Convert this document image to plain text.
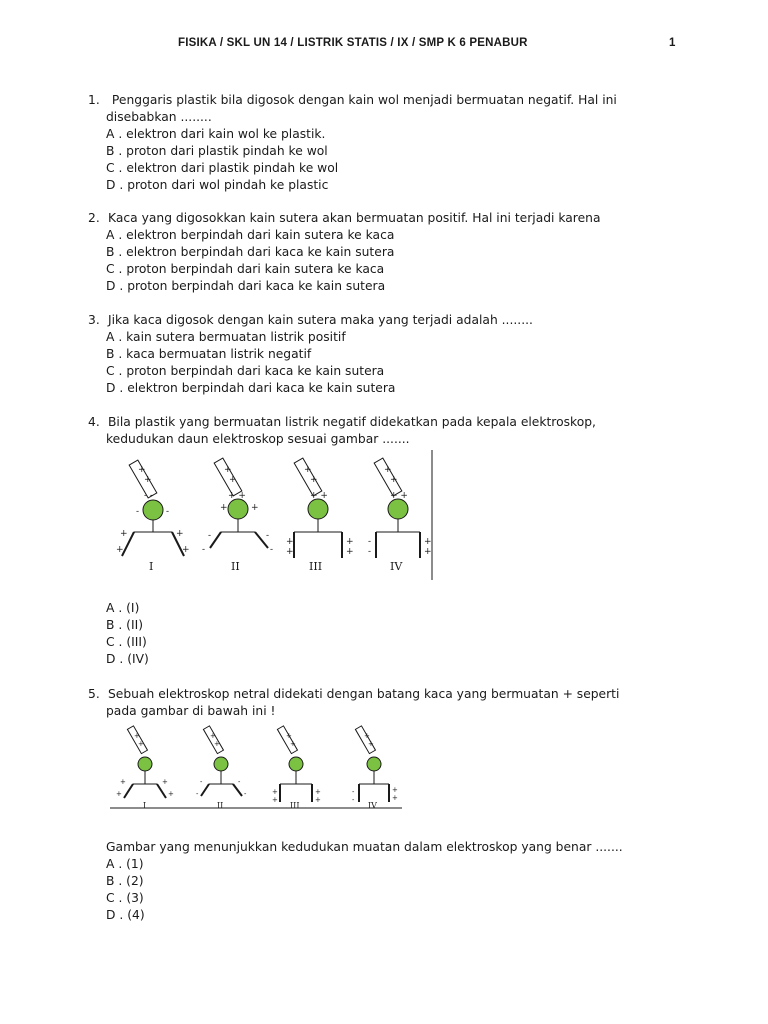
FISIKA / SKL UN 14 / LISTRIK STATIS / IX / SMP K 6 PENABUR	1
1. Penggaris plastik bila digosok dengan kain wol menjadi bermuatan negatif. Hal ini
disebabkan ........
A . elektron dari kain wol ke plastik.
B . proton dari plastik pindah ke wol
C . elektron dari plastik pindah ke wol
D . proton dari wol pindah ke plastic
2. Kaca yang digosokkan kain sutera akan bermuatan positif. Hal ini terjadi karena
A . elektron berpindah dari kain sutera ke kaca
B . elektron berpindah dari kaca ke kain sutera
C . proton berpindah dari kain sutera ke kaca
D . proton berpindah dari kaca ke kain sutera
3. Jika kaca digosok dengan kain sutera maka yang terjadi adalah ........
A . kain sutera bermuatan listrik positif
B . kaca bermuatan listrik negatif
C . proton berpindah dari kaca ke kain sutera
D . elektron berpindah dari kaca ke kain sutera
4. Bila plastik yang bermuatan listrik negatif didekatkan pada kepala elektroskop,
kedudukan daun elektroskop sesuai gambar .......
+
+
+
+
+
+
+
+
- -
-	-
+ +
+	+
+ +	+ +
+	+
+	+
-	-
-	-
+
+
+
+
-
-
+
+
I	II	III	IV
A . (I)
B . (II)
C . (III)
D . (IV)
5. Sebuah elektroskop netral didekati dengan batang kaca yang bermuatan + seperti
pada gambar di bawah ini !
+
+
+
+
+
+
+
+
+	+
+	+
-	-
-	-	+
+
+
+
-
-
+
+
I	II	III	IV
Gambar yang menunjukkan kedudukan muatan dalam elektroskop yang benar .......
A . (1)
B . (2)
C . (3)
D . (4)
